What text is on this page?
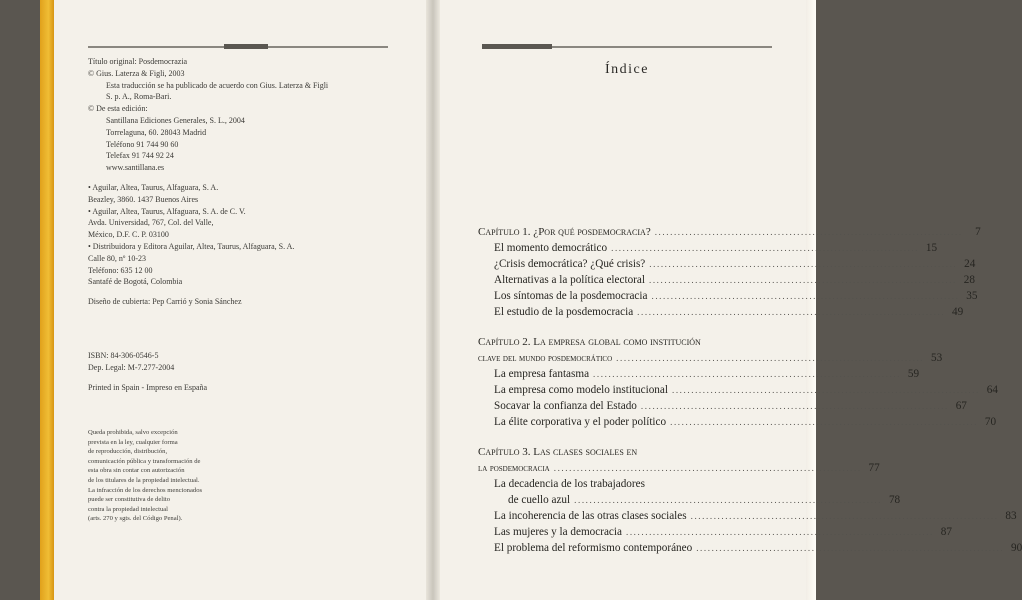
Título original: Posdemocrazia
© Gius. Laterza & Figli, 2003
Esta traducción se ha publicado de acuerdo con Gius. Laterza & Figli
S. p. A., Roma-Bari.
© De esta edición:
Santillana Ediciones Generales, S. L., 2004
Torrelaguna, 60. 28043 Madrid
Teléfono 91 744 90 60
Telefax 91 744 92 24
www.santillana.es
• Aguilar, Altea, Taurus, Alfaguara, S. A.
Beazley, 3860. 1437 Buenos Aires
• Aguilar, Altea, Taurus, Alfaguara, S. A. de C. V.
Avda. Universidad, 767, Col. del Valle,
México, D.F. C. P. 03100
• Distribuidora y Editora Aguilar, Altea, Taurus, Alfaguara, S. A.
Calle 80, nº 10-23
Teléfono: 635 12 00
Santafé de Bogotá, Colombia
Diseño de cubierta: Pep Carrió y Sonia Sánchez
ISBN: 84-306-0546-5
Dep. Legal: M-7.277-2004
Printed in Spain - Impreso en España
Queda prohibida, salvo excepción
prevista en la ley, cualquier forma
de reproducción, distribución,
comunicación pública y transformación de
esta obra sin contar con autorización
de los titulares de la propiedad intelectual.
La infracción de los derechos mencionados
puede ser constitutiva de delito
contra la propiedad intelectual
(arts. 270 y sgts. del Código Penal).
Índice
Capítulo 1. ¿Por qué posdemocracia? ................................................................................	7
El momento democrático ................................................................................ 15
¿Crisis democrática? ¿Qué crisis? ................................................................................ 24
Alternativas a la política electoral ................................................................................ 28
Los síntomas de la posdemocracia ................................................................................ 35
El estudio de la posdemocracia ................................................................................ 49
Capítulo 2. La empresa global como institución
clave del mundo posdemocrático ................................................................................ 53
La empresa fantasma ................................................................................ 59
La empresa como modelo institucional ................................................................................ 64
Socavar la confianza del Estado ................................................................................ 67
La élite corporativa y el poder político ................................................................................ 70
Capítulo 3. Las clases sociales en
la posdemocracia ................................................................................ 77
La decadencia de los trabajadores
de cuello azul ................................................................................ 78
La incoherencia de las otras clases sociales ................................................................................ 83
Las mujeres y la democracia ................................................................................ 87
El problema del reformismo contemporáneo ................................................................................ 90
